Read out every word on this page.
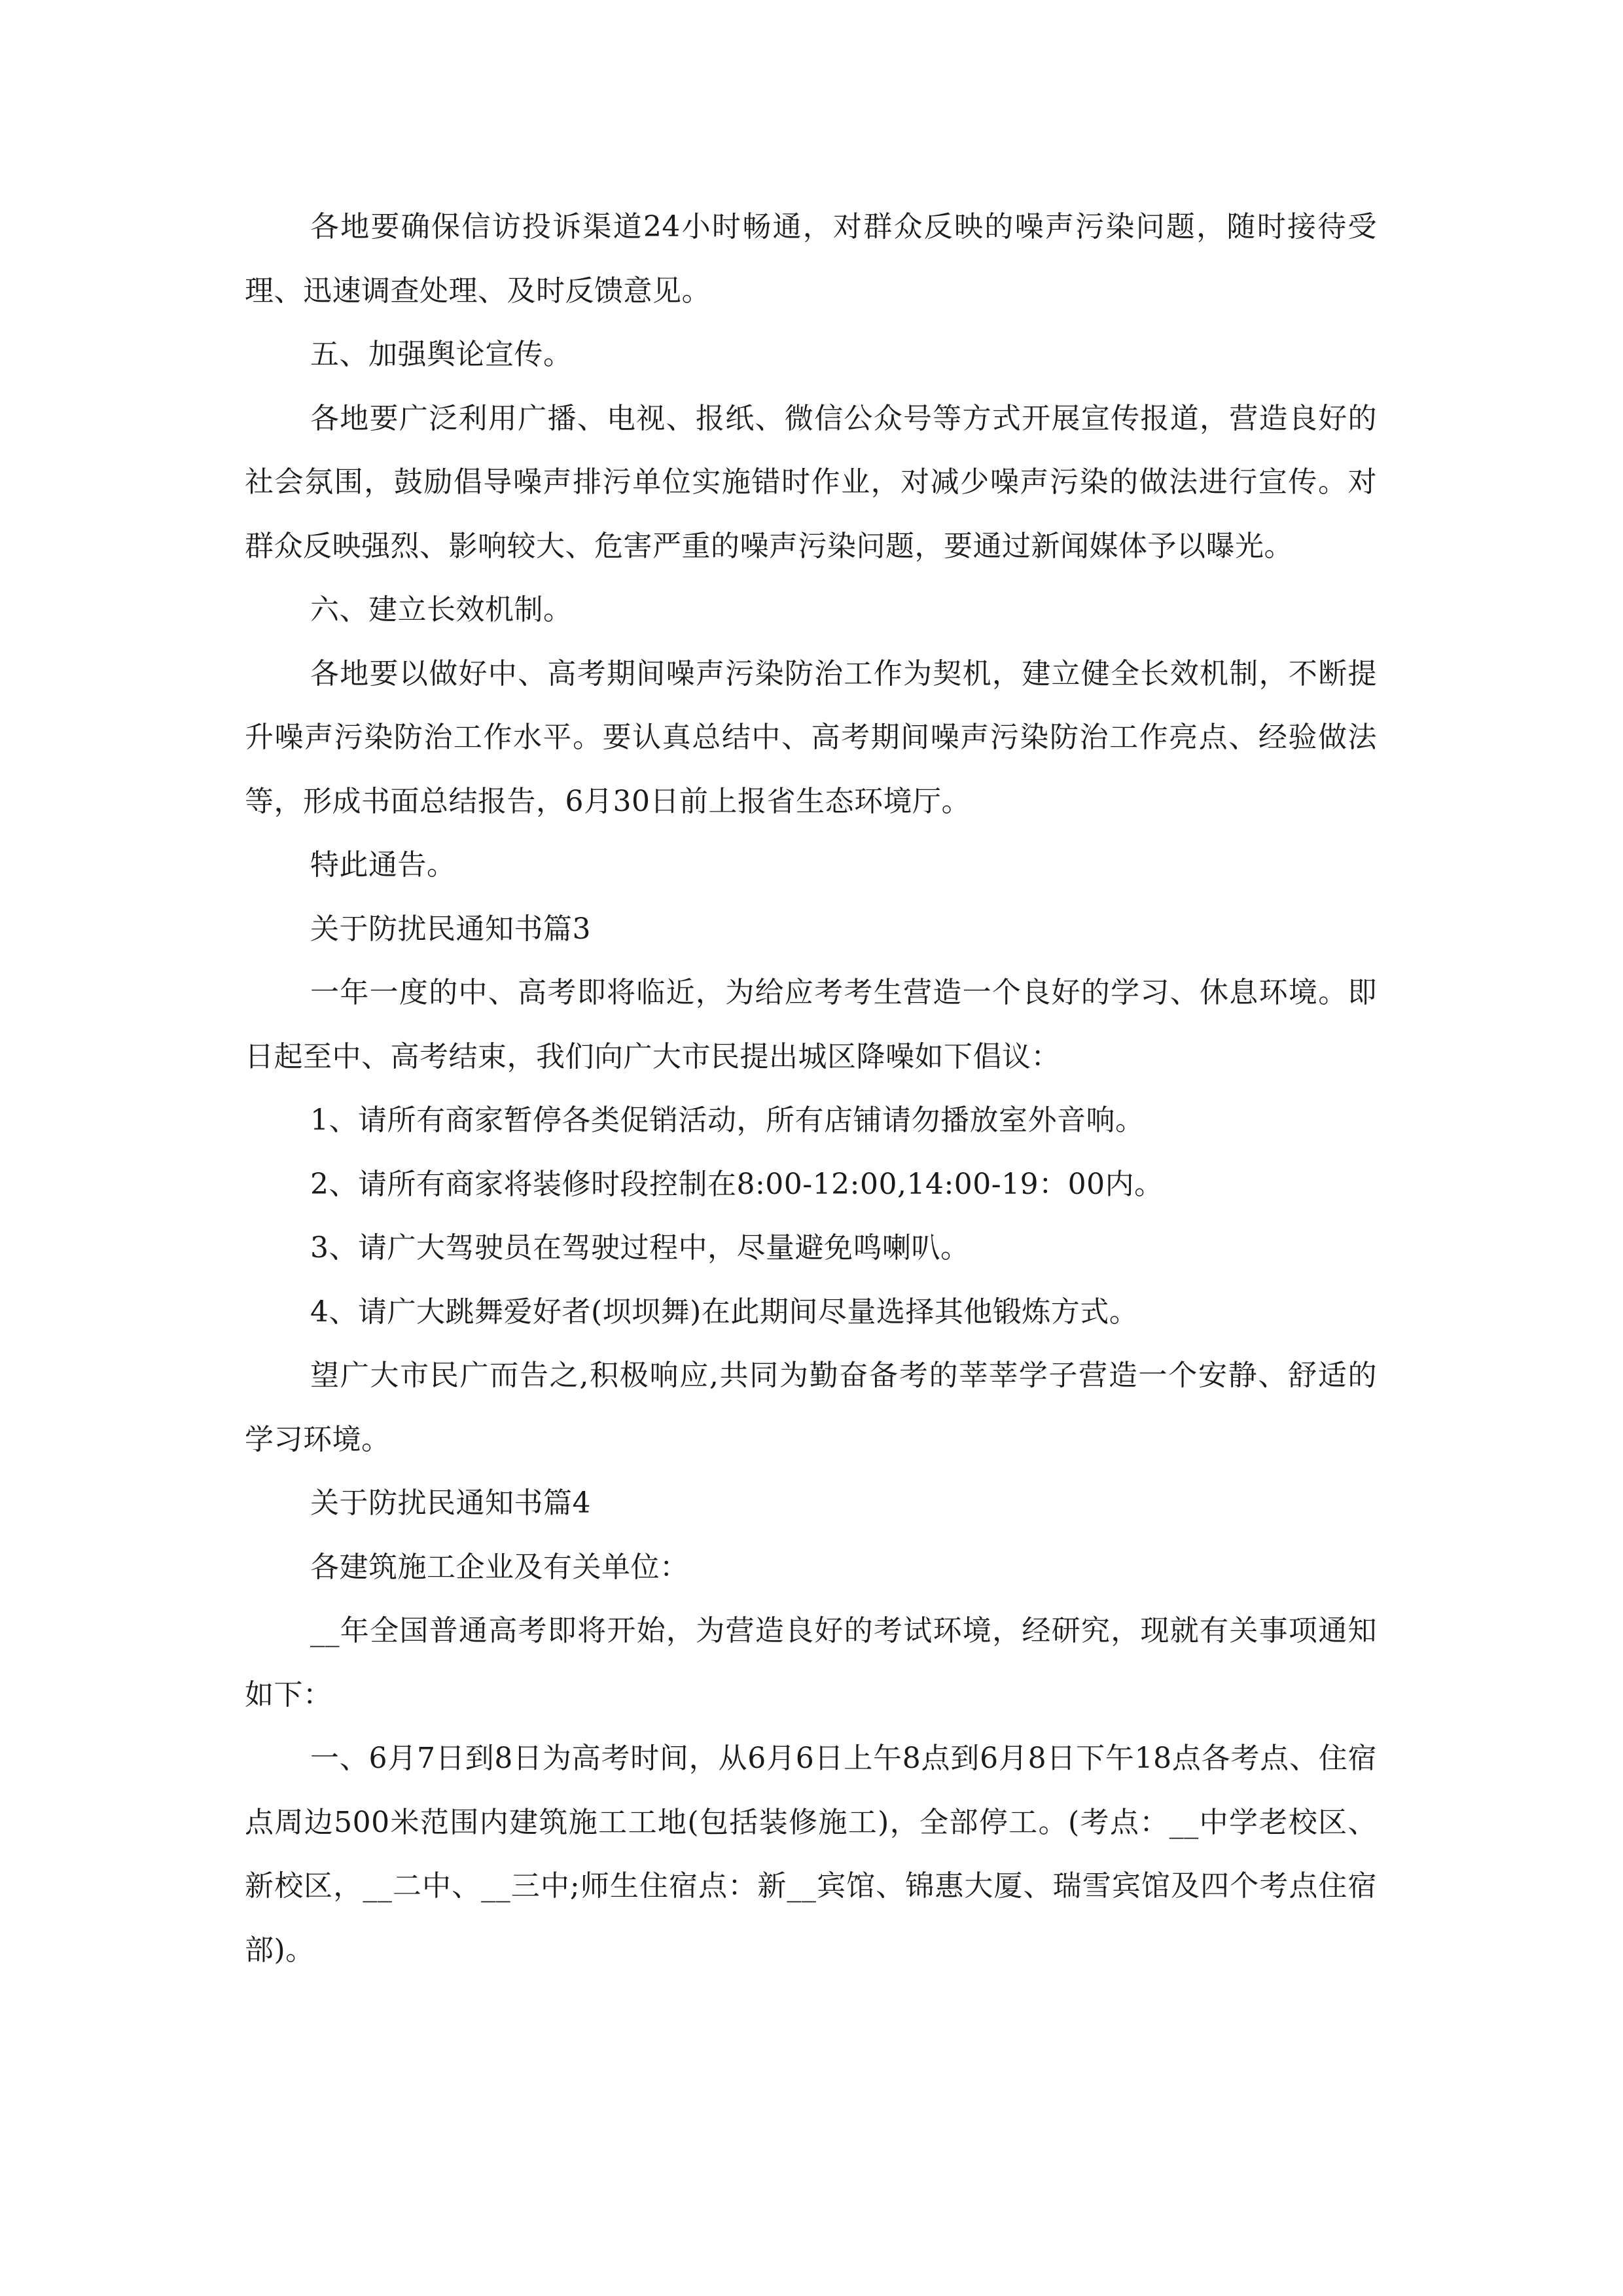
各地要确保信访投诉渠道24小时畅通，对群众反映的噪声污染问题，随时接待受理、迅速调查处理、及时反馈意见。

五、加强舆论宣传。

各地要广泛利用广播、电视、报纸、微信公众号等方式开展宣传报道，营造良好的社会氛围，鼓励倡导噪声排污单位实施错时作业，对减少噪声污染的做法进行宣传。对群众反映强烈、影响较大、危害严重的噪声污染问题，要通过新闻媒体予以曝光。

六、建立长效机制。

各地要以做好中、高考期间噪声污染防治工作为契机，建立健全长效机制，不断提升噪声污染防治工作水平。要认真总结中、高考期间噪声污染防治工作亮点、经验做法等，形成书面总结报告，6月30日前上报省生态环境厅。

特此通告。

关于防扰民通知书篇3

一年一度的中、高考即将临近，为给应考考生营造一个良好的学习、休息环境。即日起至中、高考结束，我们向广大市民提出城区降噪如下倡议：

1、请所有商家暂停各类促销活动，所有店铺请勿播放室外音响。

2、请所有商家将装修时段控制在8:00-12:00,14:00-19：00内。

3、请广大驾驶员在驾驶过程中，尽量避免鸣喇叭。

4、请广大跳舞爱好者(坝坝舞)在此期间尽量选择其他锻炼方式。

望广大市民广而告之,积极响应,共同为勤奋备考的莘莘学子营造一个安静、舒适的学习环境。

关于防扰民通知书篇4

各建筑施工企业及有关单位：

__年全国普通高考即将开始，为营造良好的考试环境，经研究，现就有关事项通知如下：

一、6月7日到8日为高考时间，从6月6日上午8点到6月8日下午18点各考点、住宿点周边500米范围内建筑施工工地(包括装修施工)，全部停工。(考点：__中学老校区、新校区，__二中、__三中;师生住宿点：新__宾馆、锦惠大厦、瑞雪宾馆及四个考点住宿部)。
